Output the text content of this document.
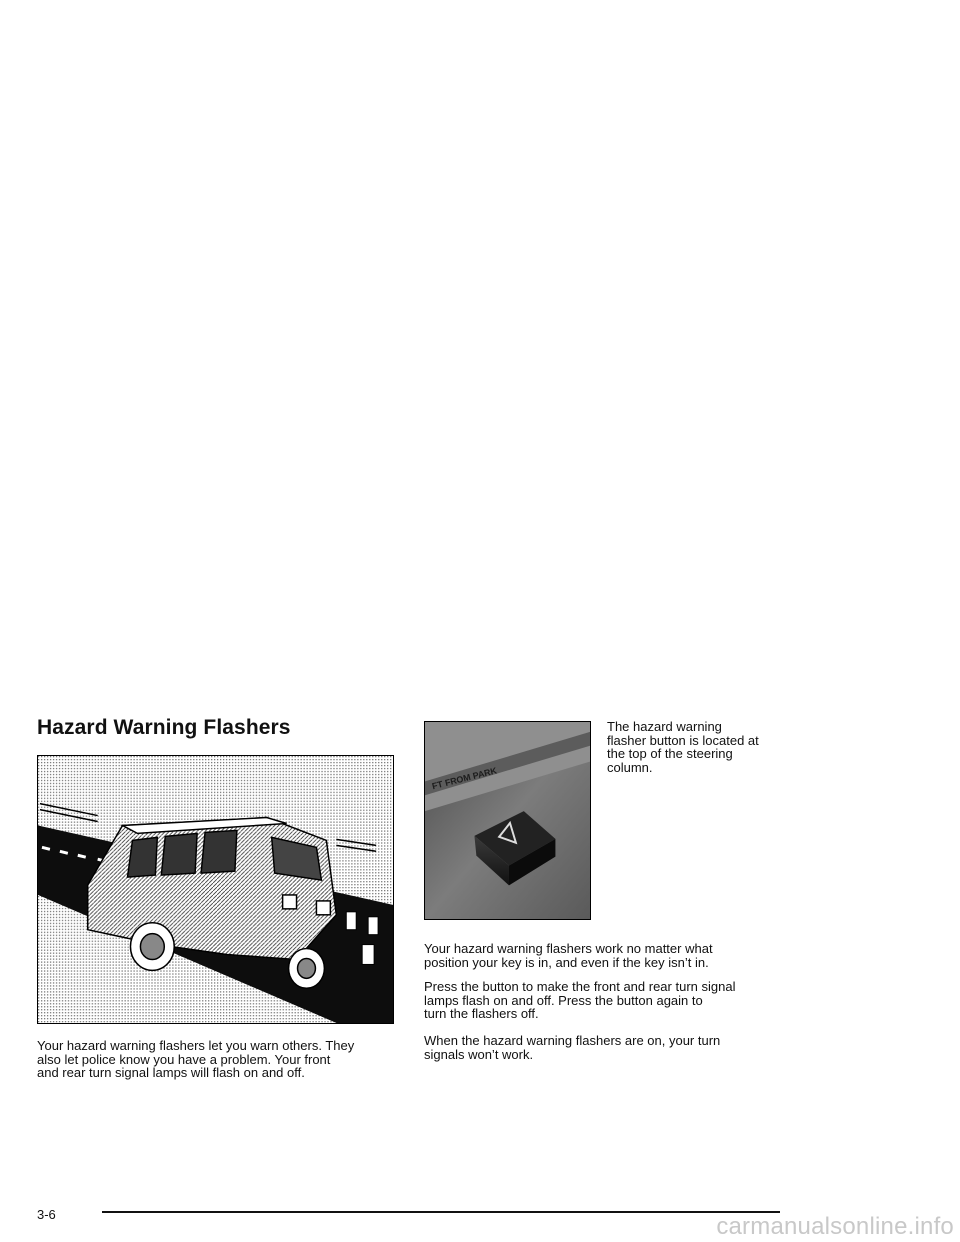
Hazard Warning Flashers

Your hazard warning flashers let you warn others. They
also let police know you have a problem. Your front
and rear turn signal lamps will flash on and off.

FT FROM PARK

The hazard warning
flasher button is located at
the top of the steering
column.

Your hazard warning flashers work no matter what
position your key is in, and even if the key isn’t in.

Press the button to make the front and rear turn signal
lamps flash on and off. Press the button again to
turn the flashers off.

When the hazard warning flashers are on, your turn
signals won’t work.

3-6	carmanualsonline.info
